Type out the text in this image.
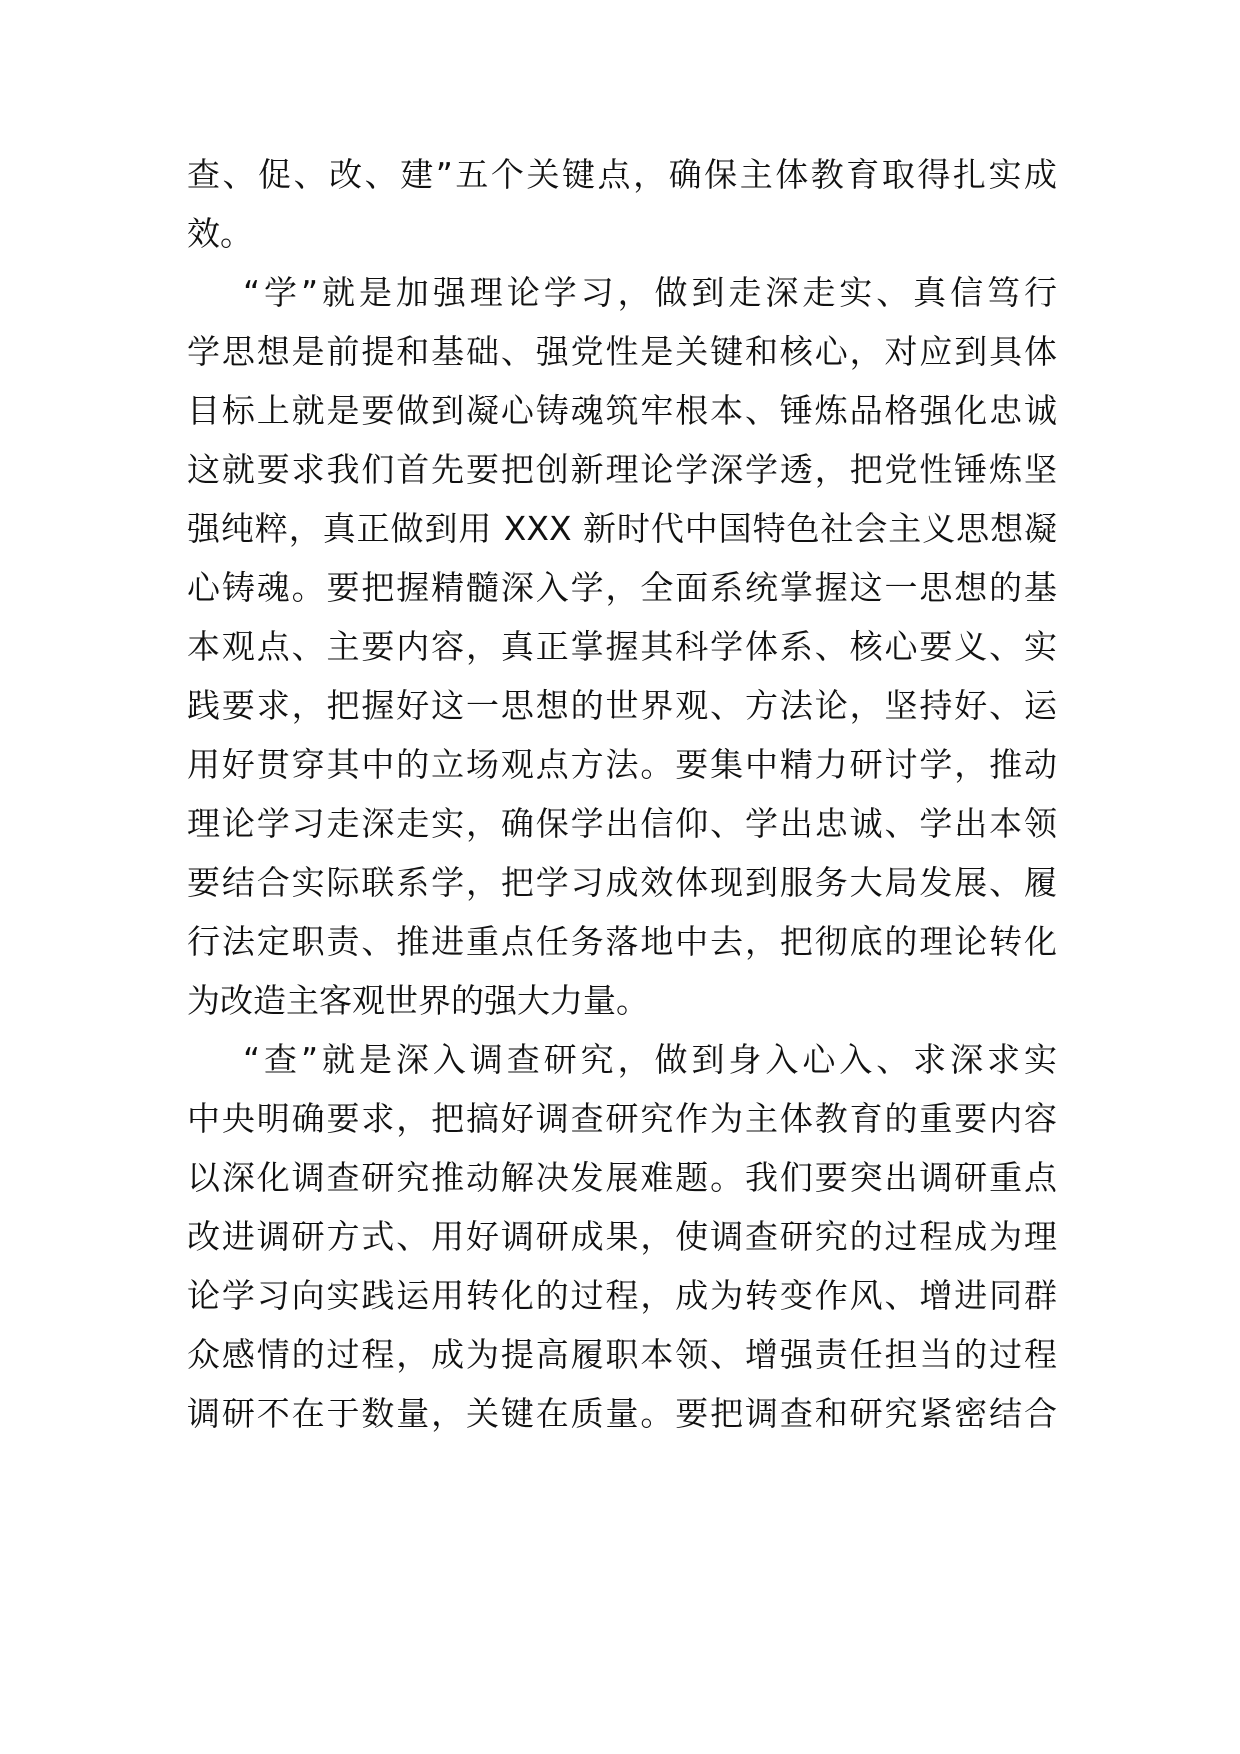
查、促、改、建”五个关键点，确保主体教育取得扎实成

效。

“学”就是加强理论学习，做到走深走实、真信笃行

学思想是前提和基础、强党性是关键和核心，对应到具体

目标上就是要做到凝心铸魂筑牢根本、锤炼品格强化忠诚

这就要求我们首先要把创新理论学深学透，把党性锤炼坚

强纯粹，真正做到用 XXX 新时代中国特色社会主义思想凝

心铸魂。要把握精髓深入学，全面系统掌握这一思想的基

本观点、主要内容，真正掌握其科学体系、核心要义、实

践要求，把握好这一思想的世界观、方法论，坚持好、运

用好贯穿其中的立场观点方法。要集中精力研讨学，推动

理论学习走深走实，确保学出信仰、学出忠诚、学出本领

要结合实际联系学，把学习成效体现到服务大局发展、履

行法定职责、推进重点任务落地中去，把彻底的理论转化

为改造主客观世界的强大力量。

“查”就是深入调查研究，做到身入心入、求深求实

中央明确要求，把搞好调查研究作为主体教育的重要内容

以深化调查研究推动解决发展难题。我们要突出调研重点

改进调研方式、用好调研成果，使调查研究的过程成为理

论学习向实践运用转化的过程，成为转变作风、增进同群

众感情的过程，成为提高履职本领、增强责任担当的过程

调研不在于数量，关键在质量。要把调查和研究紧密结合
